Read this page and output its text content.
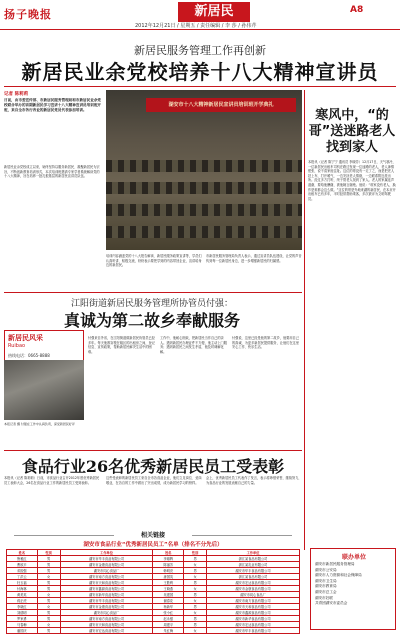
扬子晚报	新居民
2012年12月21日 / 星期五 / 责任编辑 / 李 莎 / 孙伟芹
A8
新居民服务管理工作再创新
新居民业余党校培养十八大精神宣讲员
记者 陈莉莉
日前，由市委宣传部、市新居民服务管理局和市新居民业余党校联合举办的首期新居民学习宣讲十八大精神宣讲员培训班开班，来自全市各行各业的新居民党员代表参加培训。
湖安市十八大精神新居民宣讲员培训班开学典礼
新居民业余党校成立以来，始终坚持以服务新居民、凝聚新居民为宗旨，不断创新教育培训形式，本次培训班邀请专家学者系统解读党的十八大精神，旨在培养一批扎根基层的新居民宣讲员队伍。
培训内容涵盖党的十八大报告解读、新居民服务政策宣讲等，学员们认真听讲、积极交流，纷纷表示要把学到的内容带回企业，宣讲给身边的新居民。
市新居民服务管理局负责人表示，通过宣讲员队伍建设，让党的声音传到每一位新居民身边，进一步增强新居民的归属感。
寒风中，“的哥”送迷路老人找到家人
本报讯（记者 陈宁宁 通讯员 李晓芳）12月17日，天气寒冷，一位新居民出租车司机在路边发现一位迷路的老人，老人神情慌张，说不清家庭住址。这位的哥没有一走了之，而是把老人扶上车，打开暖气，一边安抚老人情绪，一边联系附近派出所。经过多方打听，终于帮老人找到了家人。老人的家属连声道谢，要给他酬谢，被他婉言谢绝。他说：“谁家没有老人，换作是谁都会这么做。”这位的哥是外地来湖的新居民，在本市开出租车已有多年，平时经常帮助乘客，多次被评为文明驾驶员。
江阳街道新居民服务管理所协管员付强：
真诚为第二故乡奉献服务
新居民风采
Ruibao
热线电话：0665-8888
本报记者 摄 付强在工作中认真负责，深受新居民好评
付强来自外省，在江阳街道做新居民协管员已经多年。每天他都穿梭在辖区的出租房之间，登记信息、宣传政策，帮助新居民解决生活中的困难。
工作中，他耐心细致，把新居民当作自己的亲人。遇到新居民办理证件不方便，他主动上门服务；遇到新居民之间发生矛盾，他及时调解化解。
付强说，这里已经是他的第二故乡，他要用自己的真诚，为更多新居民提供服务，让他们在这里安心工作、快乐生活。
食品行业26名优秀新居民员工受表彰
本报讯（记者 陈莉莉）日前，市食品行业召开2012年度优秀新居民员工表彰大会，26名在食品行业工作的新居民员工受到表彰。
这些受表彰的新居民员工来自全市各食品企业，他们立足岗位、爱岗敬业，在各自的工作中做出了突出成绩，成为新居民学习的榜样。
会上，优秀新居民员工代表作了发言，表示将珍惜荣誉，继续努力，为食品行业的发展贡献自己的力量。
相关链接
湖安市食品行业“优秀新居民员工”名单（排名不分先后）
姓名	性别	工作单位	姓名	性别	工作单位
鲁雅红	男	湖安市华丰食品有限公司	李雄辉	男	浙江某食品有限公司
曹欧平	男	湖安市金康食品有限公司	陈丽芳	女	浙江某乳业有限公司
邓振强	男	湖安市同心食品厂	韩明亮	男	湖安市华丰食品有限公司
丁洪云	女	湖安市南方食品有限公司	唐国英	女	浙江某食品有限公司
杜玉福	男	湖安市天和食品有限公司	王胜利	男	湖安市宏达食品有限公司
付海林	男	湖安市鑫源食品有限公司	王晓燕	女	湖安市金康食品有限公司
黄美英	女	湖安市新华食品有限公司	吴建国	男	湖安市同心食品厂
蒋正虎	男	湖安市华丰食品有限公司	谢春花	女	湖安市南方食品有限公司
李晓红	女	湖安市金康食品有限公司	杨新华	男	湖安市天和食品有限公司
刘德明	男	湖安市同心食品厂	张小红	女	湖安市鑫源食品有限公司
罗家勇	男	湖安市南方食品有限公司	赵永强	男	湖安市新华食品有限公司
马春梅	女	湖安市天和食品有限公司	周建平	男	湖安市宏达食品有限公司
潘国庆	男	湖安市宏达食品有限公司	朱红梅	女	湖安市华丰食品有限公司
联办单位
湖安市新居民服务管理局
湖安市公安局
湖安市人力资源和社会保障局
湖安市卫生局
湖安市教育局
湖安市总工会
湖安市妇联
共青团湖安市委员会
